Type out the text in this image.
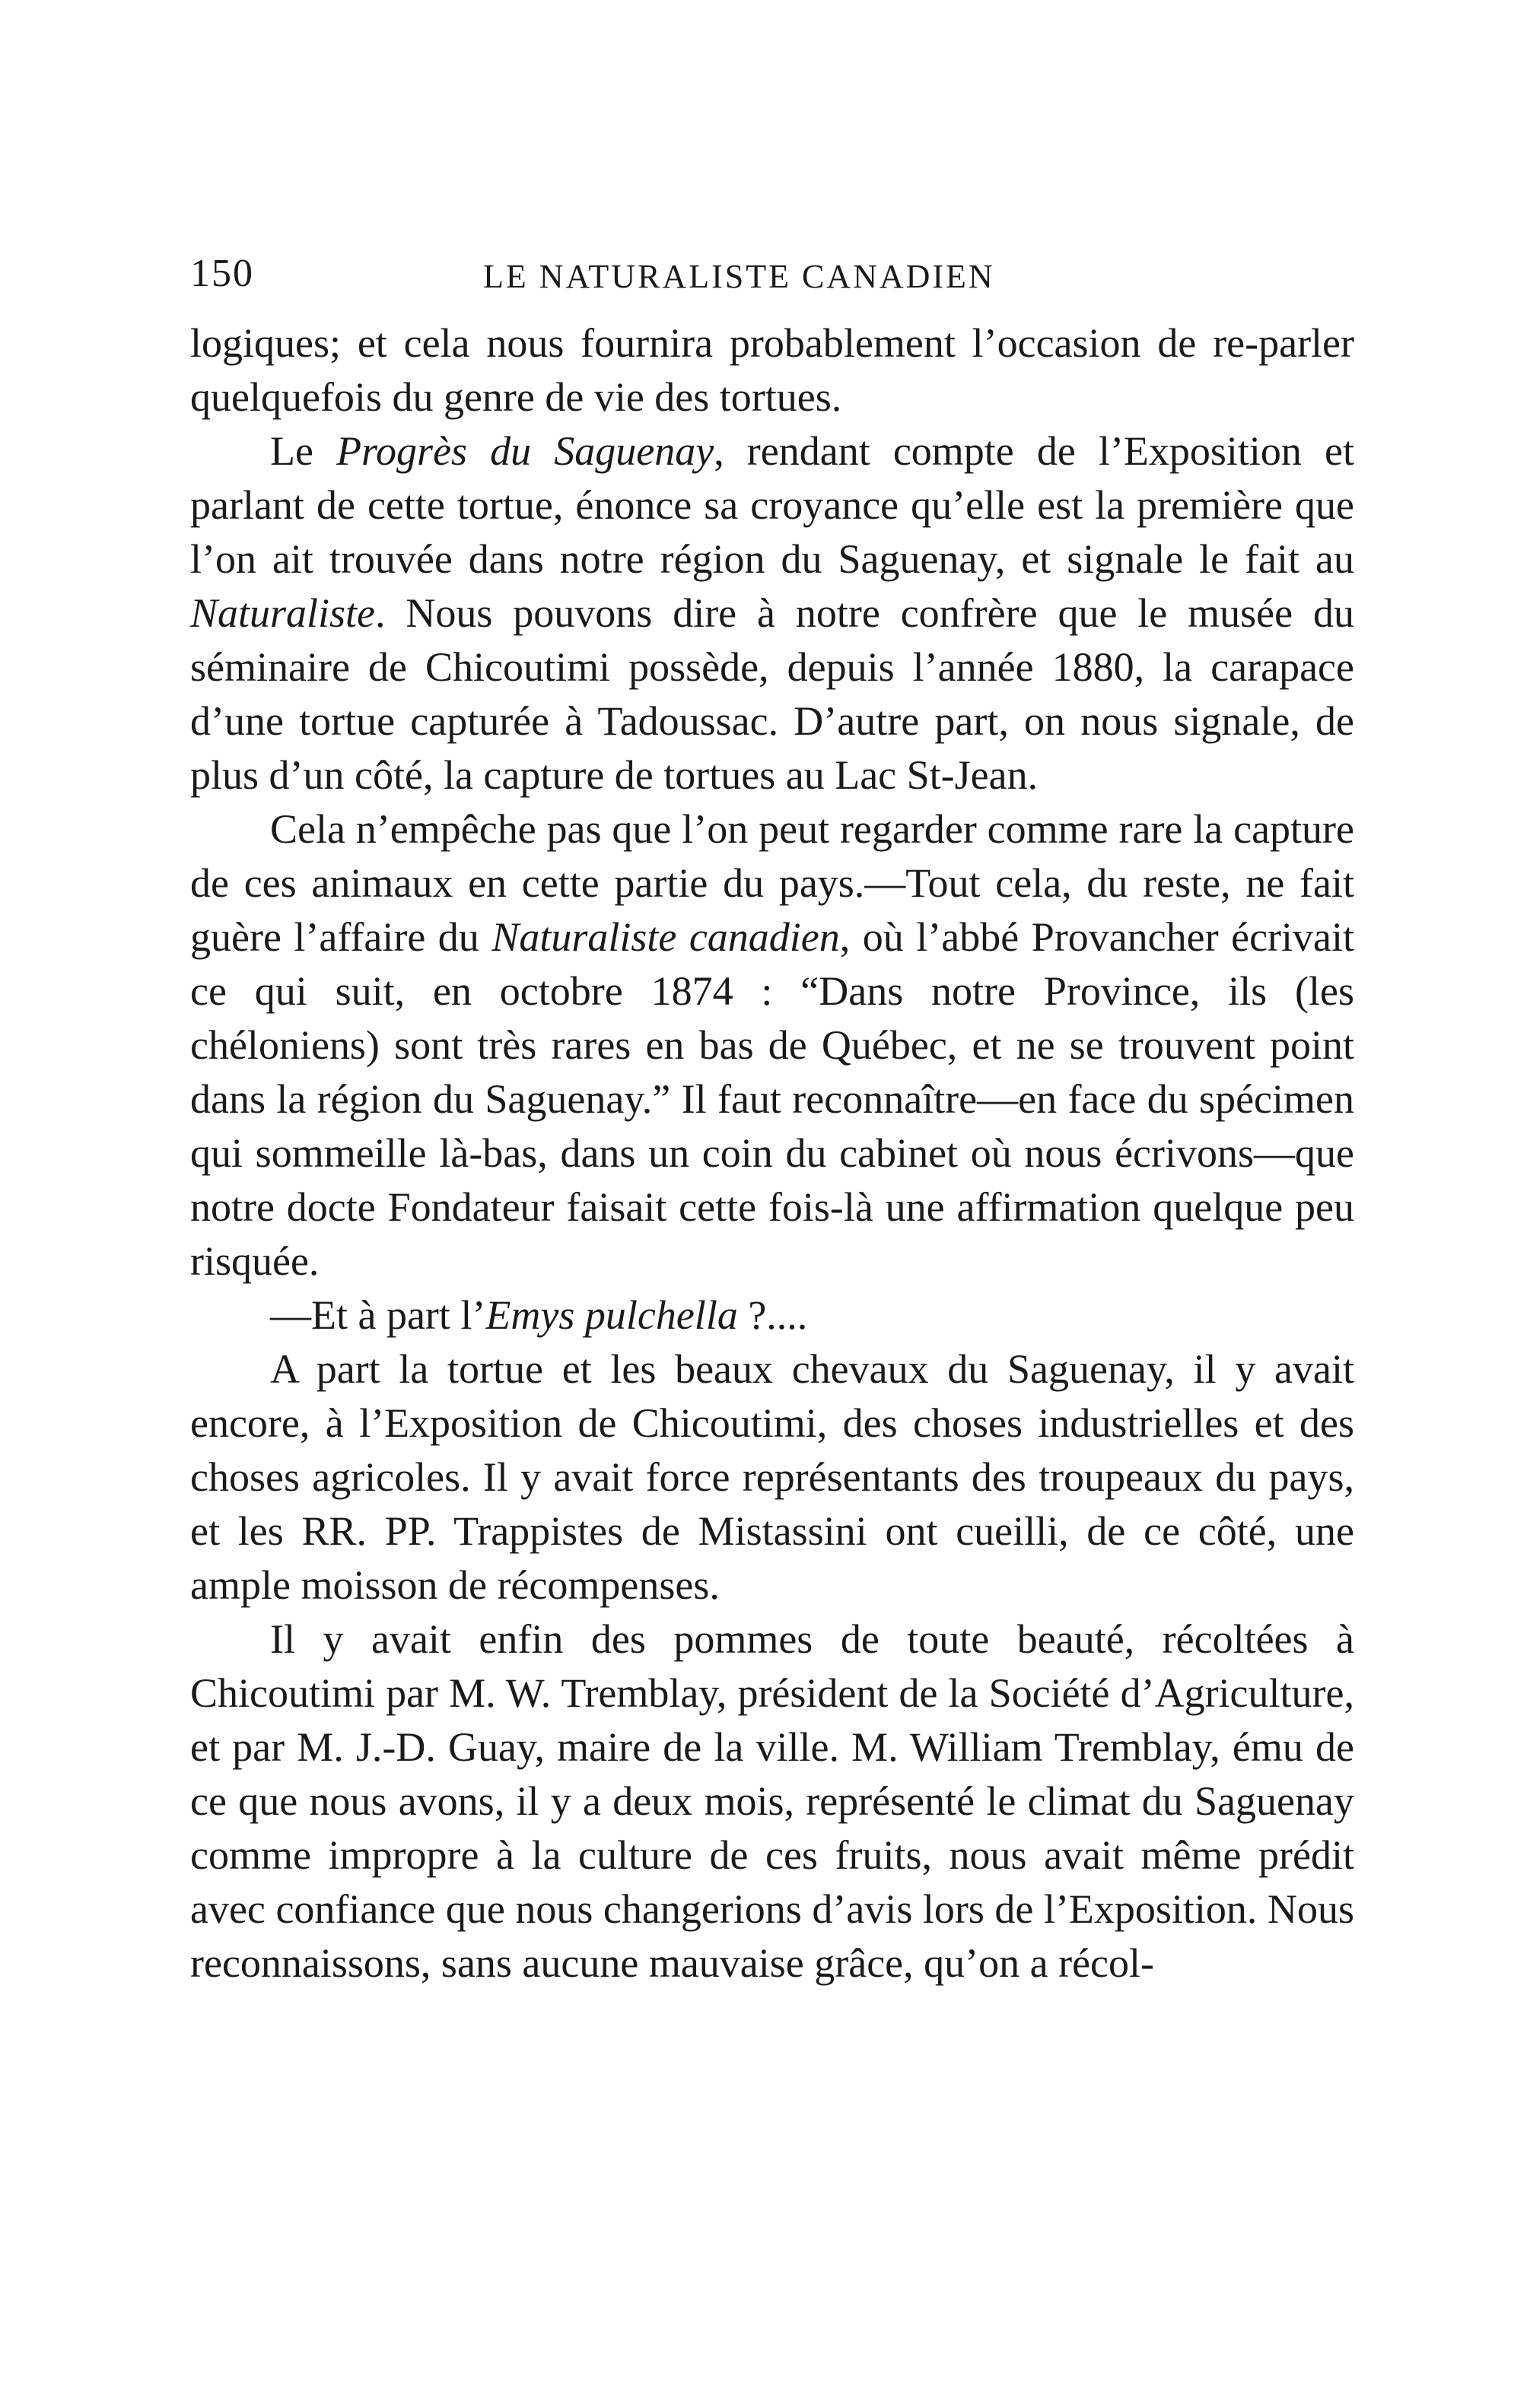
150	LE NATURALISTE CANADIEN

logiques; et cela nous fournira probablement l’occasion de re-parler quelquefois du genre de vie des tortues.

Le Progrès du Saguenay, rendant compte de l’Exposition et parlant de cette tortue, énonce sa croyance qu’elle est la première que l’on ait trouvée dans notre région du Saguenay, et signale le fait au Naturaliste. Nous pouvons dire à notre confrère que le musée du séminaire de Chicoutimi possède, depuis l’année 1880, la carapace d’une tortue capturée à Tadoussac. D’autre part, on nous signale, de plus d’un côté, la capture de tortues au Lac St-Jean.

Cela n’empêche pas que l’on peut regarder comme rare la capture de ces animaux en cette partie du pays.—Tout cela, du reste, ne fait guère l’affaire du Naturaliste canadien, où l’abbé Provancher écrivait ce qui suit, en octobre 1874 : “Dans notre Province, ils (les chéloniens) sont très rares en bas de Québec, et ne se trouvent point dans la région du Saguenay.” Il faut reconnaître—en face du spécimen qui sommeille là-bas, dans un coin du cabinet où nous écrivons—que notre docte Fondateur faisait cette fois-là une affirmation quelque peu risquée.

—Et à part l’Emys pulchella ?....

A part la tortue et les beaux chevaux du Saguenay, il y avait encore, à l’Exposition de Chicoutimi, des choses industrielles et des choses agricoles. Il y avait force représentants des troupeaux du pays, et les RR. PP. Trappistes de Mistassini ont cueilli, de ce côté, une ample moisson de récompenses.

Il y avait enfin des pommes de toute beauté, récoltées à Chicoutimi par M. W. Tremblay, président de la Société d’Agriculture, et par M. J.-D. Guay, maire de la ville. M. William Tremblay, ému de ce que nous avons, il y a deux mois, représenté le climat du Saguenay comme impropre à la culture de ces fruits, nous avait même prédit avec confiance que nous changerions d’avis lors de l’Exposition. Nous reconnaissons, sans aucune mauvaise grâce, qu’on a récol-
